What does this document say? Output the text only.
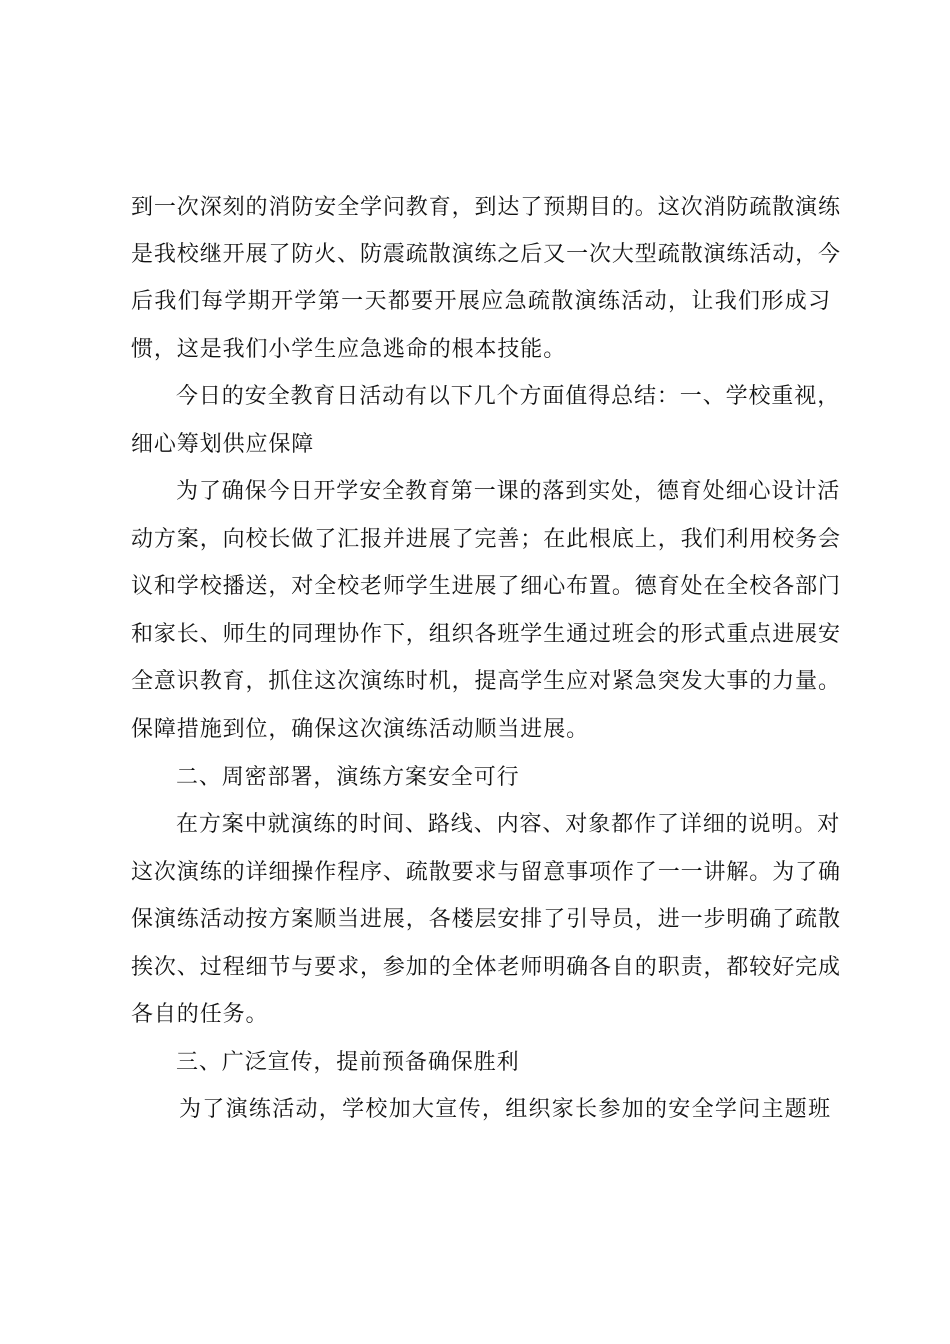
到一次深刻的消防安全学问教育，到达了预期目的。这次消防疏散演练
是我校继开展了防火、防震疏散演练之后又一次大型疏散演练活动，今
后我们每学期开学第一天都要开展应急疏散演练活动，让我们形成习
惯，这是我们小学生应急逃命的根本技能。
今日的安全教育日活动有以下几个方面值得总结：一、学校重视，
细心筹划供应保障
为了确保今日开学安全教育第一课的落到实处，德育处细心设计活
动方案，向校长做了汇报并进展了完善；在此根底上，我们利用校务会
议和学校播送，对全校老师学生进展了细心布置。德育处在全校各部门
和家长、师生的同理协作下，组织各班学生通过班会的形式重点进展安
全意识教育，抓住这次演练时机，提高学生应对紧急突发大事的力量。
保障措施到位，确保这次演练活动顺当进展。
二、周密部署，演练方案安全可行
在方案中就演练的时间、路线、内容、对象都作了详细的说明。对
这次演练的详细操作程序、疏散要求与留意事项作了一一讲解。为了确
保演练活动按方案顺当进展，各楼层安排了引导员，进一步明确了疏散
挨次、过程细节与要求，参加的全体老师明确各自的职责，都较好完成
各自的任务。
三、广泛宣传，提前预备确保胜利
为了演练活动，学校加大宣传，组织家长参加的安全学问主题班
